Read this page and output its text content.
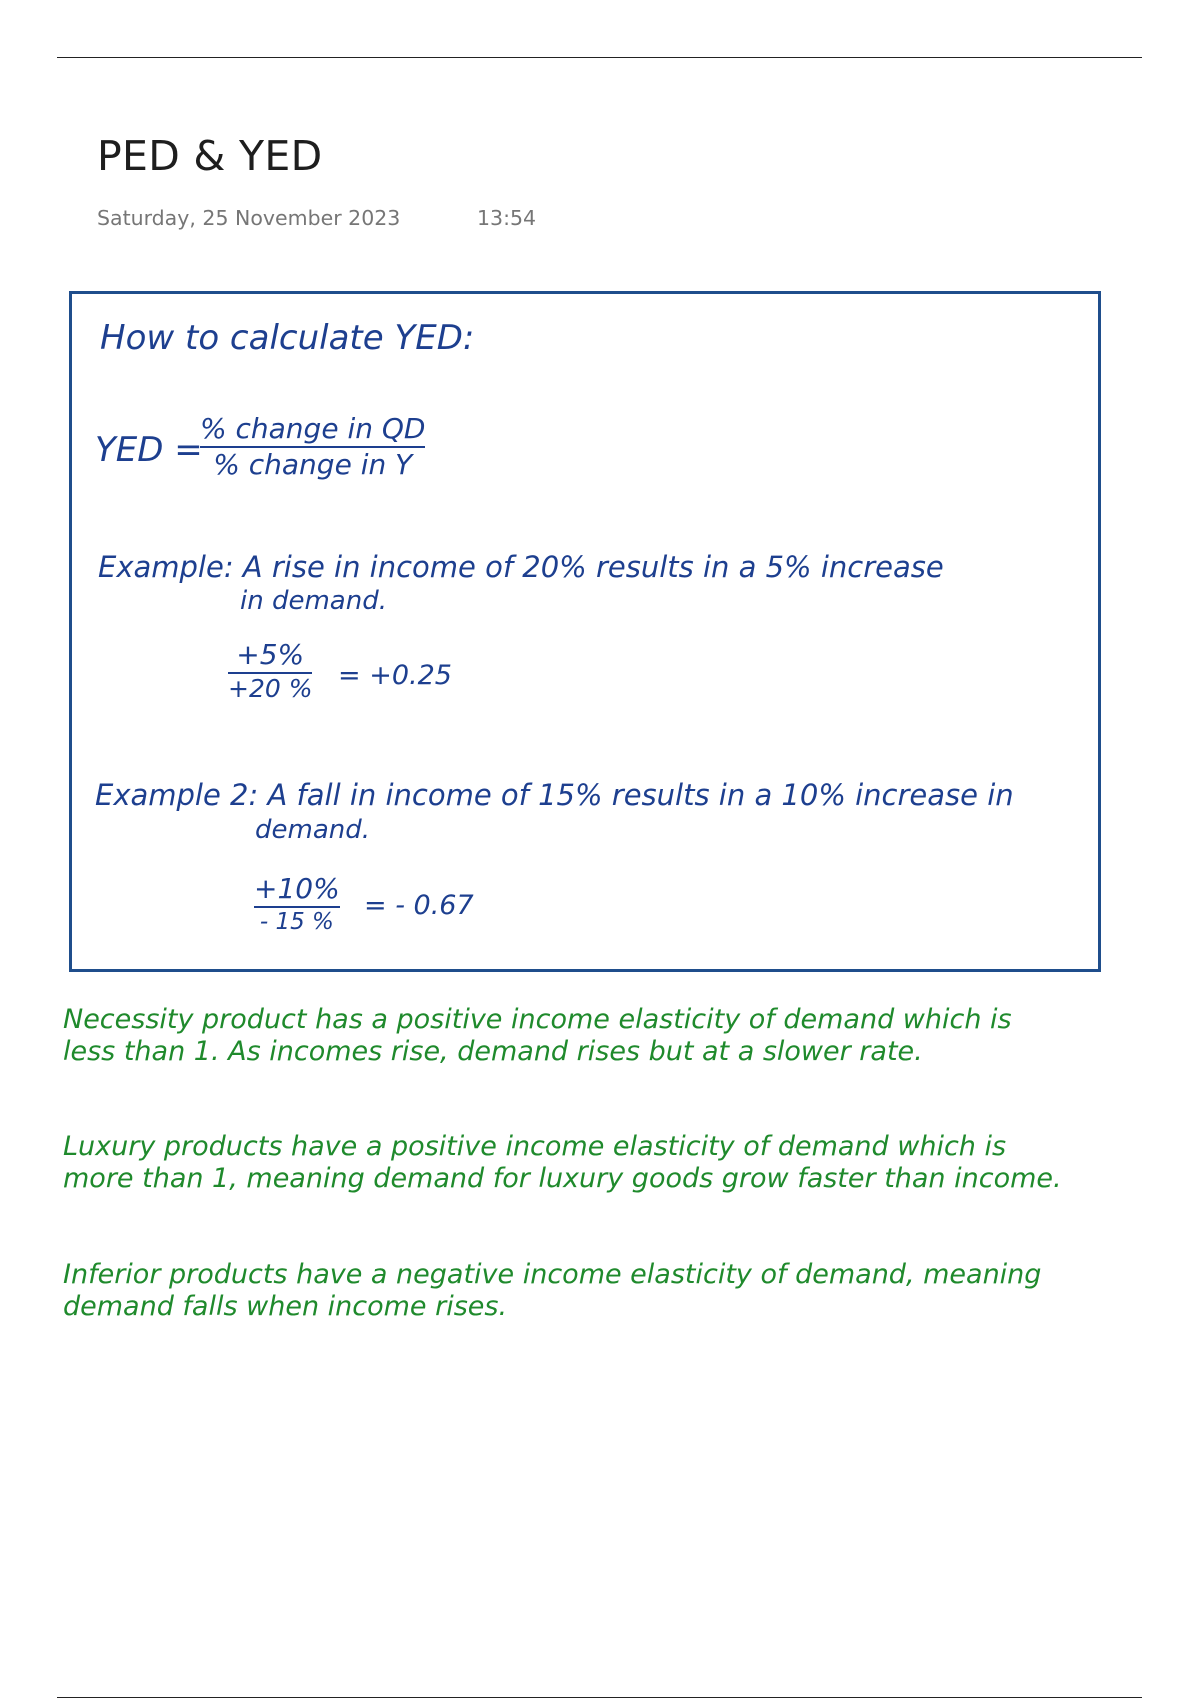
PED & YED
Saturday, 25 November 2023	13:54
How to calculate YED:
YED =
% change in QD
% change in Y
Example: A rise in income of 20% results in a 5% increase
in demand.
+5%
+20 % = +0.25
Example 2: A fall in income of 15% results in a 10% increase in
demand.
+10%
- 15 %
= - 0.67
Necessity product has a positive income elasticity of demand which is
less than 1. As incomes rise, demand rises but at a slower rate.
Luxury products have a positive income elasticity of demand which is
more than 1, meaning demand for luxury goods grow faster than income.
Inferior products have a negative income elasticity of demand, meaning
demand falls when income rises.
